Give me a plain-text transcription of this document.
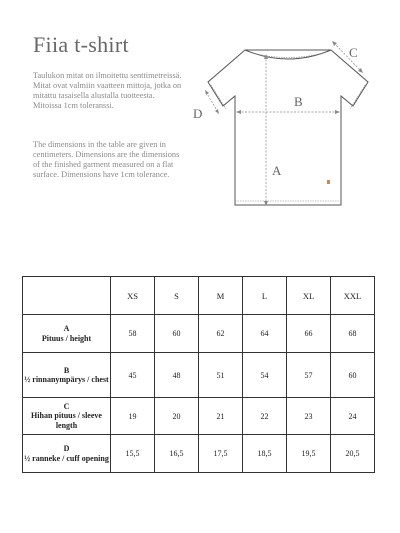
Fiia t-shirt

Taulukon mitat on ilmoitettu senttimetreissä. Mitat ovat valmiin vaatteen mittoja, jotka on mitattu tasaisella alustalla tuotteesta. Mitoissa 1cm toleranssi.

The dimensions in the table are given in centimeters. Dimensions are the dimensions of the finished garment measured on a flat surface. Dimensions have 1cm tolerance.	A
B
C
D
	XS	S	M	L	XL	XXL

A
Pituus / height	58	60	62	64	66	68

B
½ rinnanympärys / chest	45	48	51	54	57	60

C
Hihan pituus / sleeve length	19	20	21	22	23	24

D
½ ranneke / cuff opening	15,5	16,5	17,5	18,5	19,5	20,5
